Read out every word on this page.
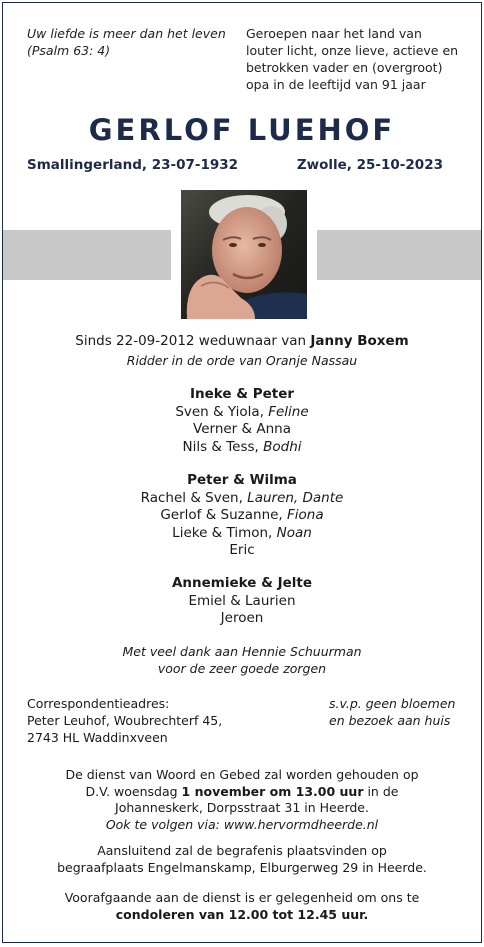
Uw liefde is meer dan het leven
(Psalm 63: 4)
Geroepen naar het land van
louter licht, onze lieve, actieve en
betrokken vader en (overgroot)
opa in de leeftijd van 91 jaar
GERLOF LUEHOF
Smallingerland, 23-07-1932	Zwolle, 25-10-2023
Sinds 22-09-2012 weduwnaar van Janny Boxem
Ridder in de orde van Oranje Nassau
Ineke & Peter
Sven & Yiola, Feline
Verner & Anna
Nils & Tess, Bodhi
Peter & Wilma
Rachel & Sven, Lauren, Dante
Gerlof & Suzanne, Fiona
Lieke & Timon, Noan
Eric
Annemieke & Jelte
Emiel & Laurien
Jeroen
Met veel dank aan Hennie Schuurman
voor de zeer goede zorgen
Correspondentieadres:
Peter Leuhof, Woubrechterf 45,
2743 HL Waddinxveen
s.v.p. geen bloemen
en bezoek aan huis
De dienst van Woord en Gebed zal worden gehouden op
D.V. woensdag 1 november om 13.00 uur in de
Johanneskerk, Dorpsstraat 31 in Heerde.
Ook te volgen via: www.hervormdheerde.nl
Aansluitend zal de begrafenis plaatsvinden op
begraafplaats Engelmanskamp, Elburgerweg 29 in Heerde.
Voorafgaande aan de dienst is er gelegenheid om ons te
condoleren van 12.00 tot 12.45 uur.
